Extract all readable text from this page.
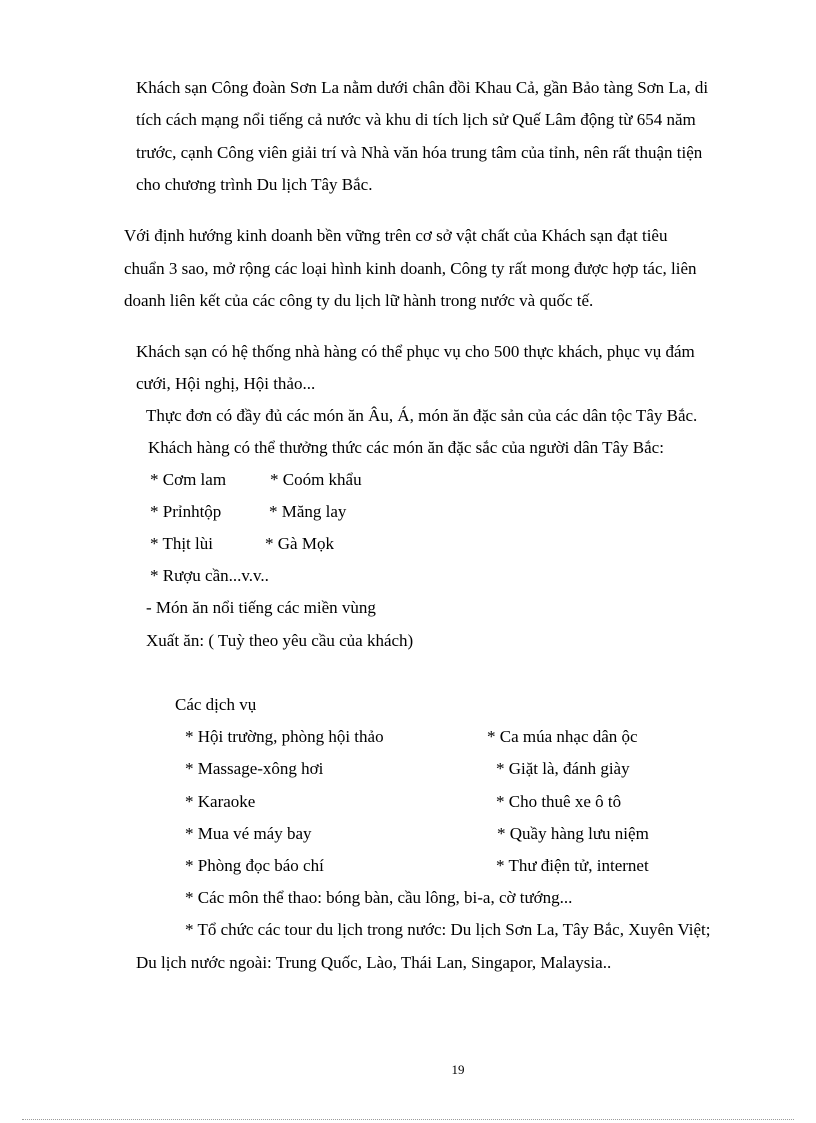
Khách sạn Công đoàn Sơn La nằm dưới chân đồi Khau Cả, gần Bảo tàng Sơn La, di
tích cách mạng nổi tiếng cả nước và khu di tích lịch sử Quế Lâm động từ 654 năm
trước, cạnh Công viên giải trí và Nhà văn hóa trung tâm của tỉnh, nên rất thuận tiện
cho chương trình Du lịch Tây Bắc.
Với định hướng kinh doanh bền vững trên cơ sở vật chất của Khách sạn đạt tiêu
chuẩn 3 sao, mở rộng các loại hình kinh doanh, Công ty rất mong được hợp tác, liên
doanh liên kết của các công ty du lịch lữ hành trong nước và quốc tế.
Khách sạn có hệ thống nhà hàng có thể phục vụ cho 500 thực khách, phục vụ đám
cưới, Hội nghị, Hội thảo...
Thực đơn có đầy đủ các món ăn Âu, Á, món ăn đặc sản của các dân tộc Tây Bắc.
Khách hàng có thể thưởng thức các món ăn đặc sắc của người dân Tây Bắc:
* Cơm lam	* Coóm khẩu
* Prỉnhtộp	* Măng lay
* Thịt lùi	* Gà Mọk
* Rượu cần...v.v..
- Món ăn nổi tiếng các miền vùng
Xuất ăn: ( Tuỳ theo yêu cầu của khách)
Các dịch vụ
* Hội trường, phòng hội thảo	* Ca múa nhạc dân ộc
* Massage-xông hơi	* Giặt là, đánh giày
* Karaoke	* Cho thuê xe ô tô
* Mua vé máy bay	* Quầy hàng lưu niệm
* Phòng đọc báo chí	* Thư điện tử, internet
* Các môn thể thao: bóng bàn, cầu lông, bi-a, cờ tướng...
* Tổ chức các tour du lịch trong nước: Du lịch Sơn La, Tây Bắc, Xuyên Việt;
Du lịch nước ngoài: Trung Quốc, Lào, Thái Lan, Singapor, Malaysia..
19
